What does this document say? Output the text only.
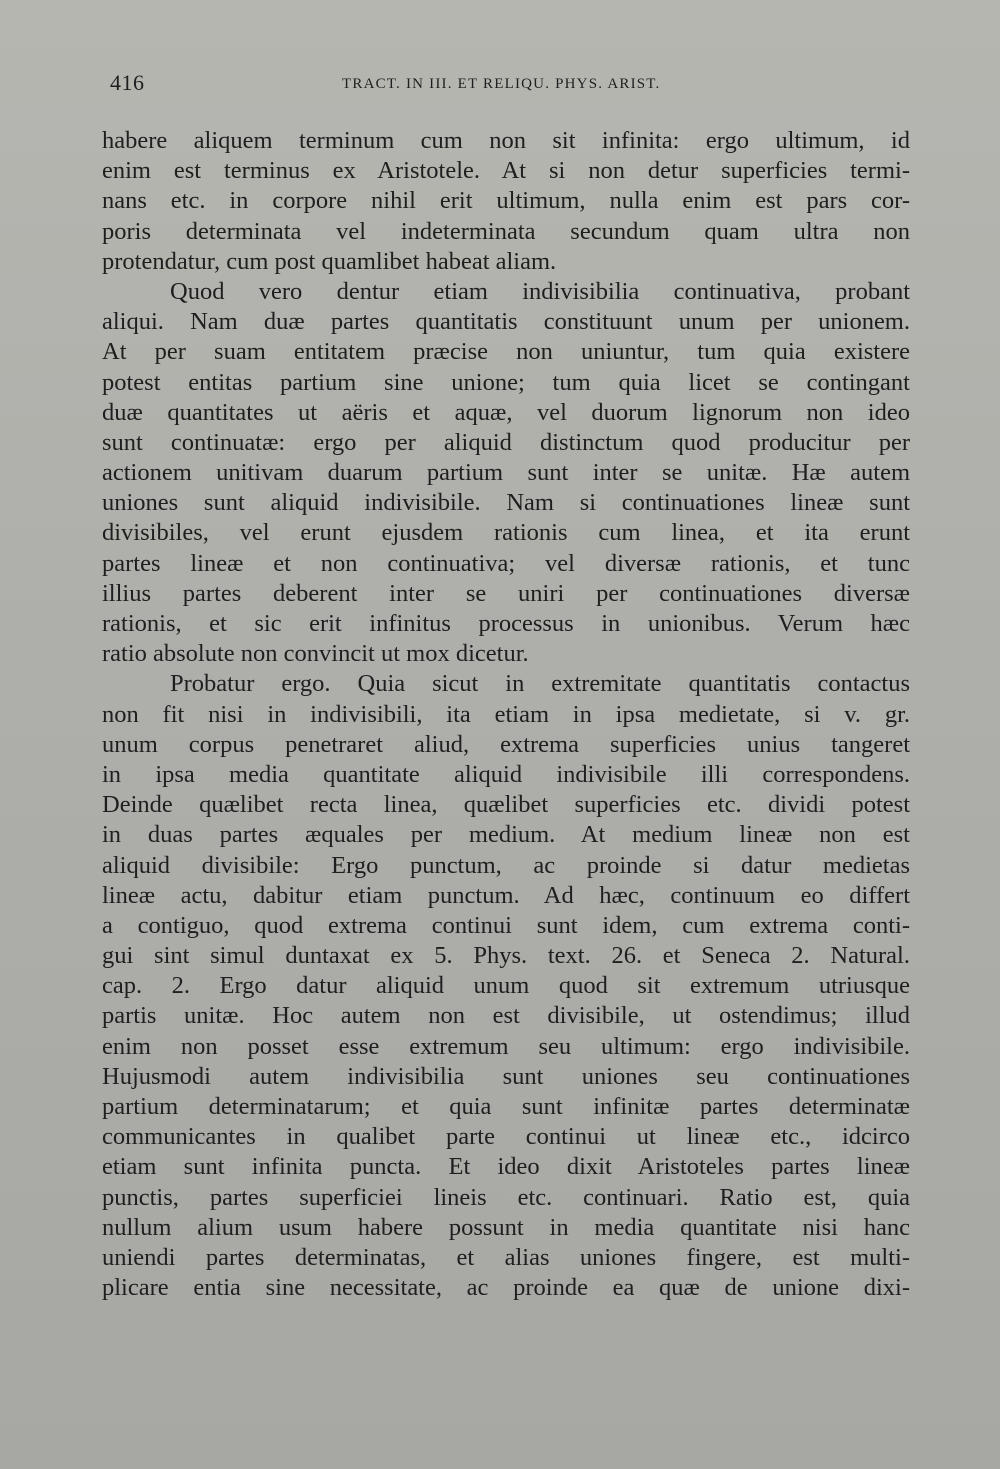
416	TRACT. IN III. ET RELIQU. PHYS. ARIST.
habere aliquem terminum cum non sit infinita: ergo ultimum, id
enim est terminus ex Aristotele. At si non detur superficies termi-
nans etc. in corpore nihil erit ultimum, nulla enim est pars cor-
poris determinata vel indeterminata secundum quam ultra non
protendatur, cum post quamlibet habeat aliam.
Quod vero dentur etiam indivisibilia continuativa, probant
aliqui. Nam duæ partes quantitatis constituunt unum per unionem.
At per suam entitatem præcise non uniuntur, tum quia existere
potest entitas partium sine unione; tum quia licet se contingant
duæ quantitates ut aëris et aquæ, vel duorum lignorum non ideo
sunt continuatæ: ergo per aliquid distinctum quod producitur per
actionem unitivam duarum partium sunt inter se unitæ. Hæ autem
uniones sunt aliquid indivisibile. Nam si continuationes lineæ sunt
divisibiles, vel erunt ejusdem rationis cum linea, et ita erunt
partes lineæ et non continuativa; vel diversæ rationis, et tunc
illius partes deberent inter se uniri per continuationes diversæ
rationis, et sic erit infinitus processus in unionibus. Verum hæc
ratio absolute non convincit ut mox dicetur.
Probatur ergo. Quia sicut in extremitate quantitatis contactus
non fit nisi in indivisibili, ita etiam in ipsa medietate, si v. gr.
unum corpus penetraret aliud, extrema superficies unius tangeret
in ipsa media quantitate aliquid indivisibile illi correspondens.
Deinde quælibet recta linea, quælibet superficies etc. dividi potest
in duas partes æquales per medium. At medium lineæ non est
aliquid divisibile: Ergo punctum, ac proinde si datur medietas
lineæ actu, dabitur etiam punctum. Ad hæc, continuum eo differt
a contiguo, quod extrema continui sunt idem, cum extrema conti-
gui sint simul duntaxat ex 5. Phys. text. 26. et Seneca 2. Natural.
cap. 2. Ergo datur aliquid unum quod sit extremum utriusque
partis unitæ. Hoc autem non est divisibile, ut ostendimus; illud
enim non posset esse extremum seu ultimum: ergo indivisibile.
Hujusmodi autem indivisibilia sunt uniones seu continuationes
partium determinatarum; et quia sunt infinitæ partes determinatæ
communicantes in qualibet parte continui ut lineæ etc., idcirco
etiam sunt infinita puncta. Et ideo dixit Aristoteles partes lineæ
punctis, partes superficiei lineis etc. continuari. Ratio est, quia
nullum alium usum habere possunt in media quantitate nisi hanc
uniendi partes determinatas, et alias uniones fingere, est multi-
plicare entia sine necessitate, ac proinde ea quæ de unione dixi-
